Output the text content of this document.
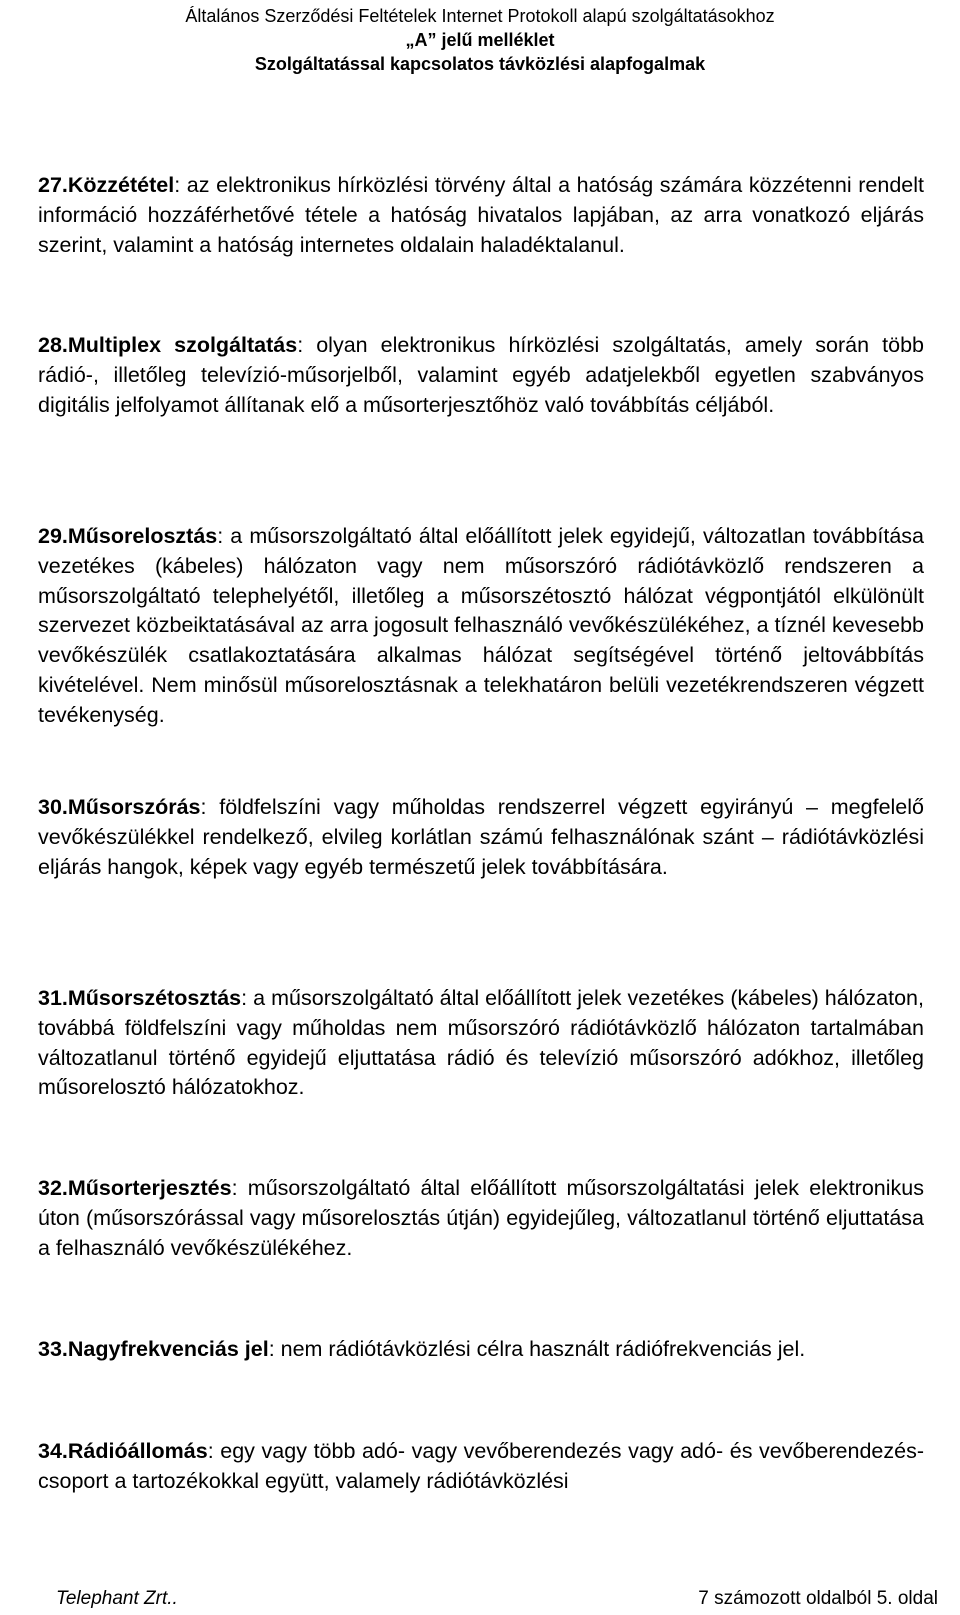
Általános Szerződési Feltételek Internet Protokoll alapú szolgáltatásokhoz
„A” jelű melléklet
Szolgáltatással kapcsolatos távközlési alapfogalmak
27.Közzététel: az elektronikus hírközlési törvény által a hatóság számára közzétenni rendelt információ hozzáférhetővé tétele a hatóság hivatalos lapjában, az arra vonatkozó eljárás szerint, valamint a hatóság internetes oldalain haladéktalanul.
28.Multiplex szolgáltatás: olyan elektronikus hírközlési szolgáltatás, amely során több rádió-, illetőleg televízió-műsorjelből, valamint egyéb adatjelekből egyetlen szabványos digitális jelfolyamot állítanak elő a műsorterjesztőhöz való továbbítás céljából.
29.Műsorelosztás: a műsorszolgáltató által előállított jelek egyidejű, változatlan továbbítása vezetékes (kábeles) hálózaton vagy nem műsorszóró rádiótávközlő rendszeren a műsorszolgáltató telephelyétől, illetőleg a műsorszétosztó hálózat végpontjától elkülönült szervezet közbeiktatásával az arra jogosult felhasználó vevőkészülékéhez, a tíznél kevesebb vevőkészülék csatlakoztatására alkalmas hálózat segítségével történő jeltovábbítás kivételével. Nem minősül műsorelosztásnak a telekhatáron belüli vezetékrendszeren végzett tevékenység.
30.Műsorszórás: földfelszíni vagy műholdas rendszerrel végzett egyirányú – megfelelő vevőkészülékkel rendelkező, elvileg korlátlan számú felhasználónak szánt – rádiótávközlési eljárás hangok, képek vagy egyéb természetű jelek továbbítására.
31.Műsorszétosztás: a műsorszolgáltató által előállított jelek vezetékes (kábeles) hálózaton, továbbá földfelszíni vagy műholdas nem műsorszóró rádiótávközlő hálózaton tartalmában változatlanul történő egyidejű eljuttatása rádió és televízió műsorszóró adókhoz, illetőleg műsorelosztó hálózatokhoz.
32.Műsorterjesztés: műsorszolgáltató által előállított műsorszolgáltatási jelek elektronikus úton (műsorszórással vagy műsorelosztás útján) egyidejűleg, változatlanul történő eljuttatása a felhasználó vevőkészülékéhez.
33.Nagyfrekvenciás jel: nem rádiótávközlési célra használt rádiófrekvenciás jel.
34.Rádióállomás: egy vagy több adó- vagy vevőberendezés vagy adó- és vevőberendezés-csoport a tartozékokkal együtt, valamely rádiótávközlési
Telephant Zrt..	7 számozott oldalból 5. oldal
